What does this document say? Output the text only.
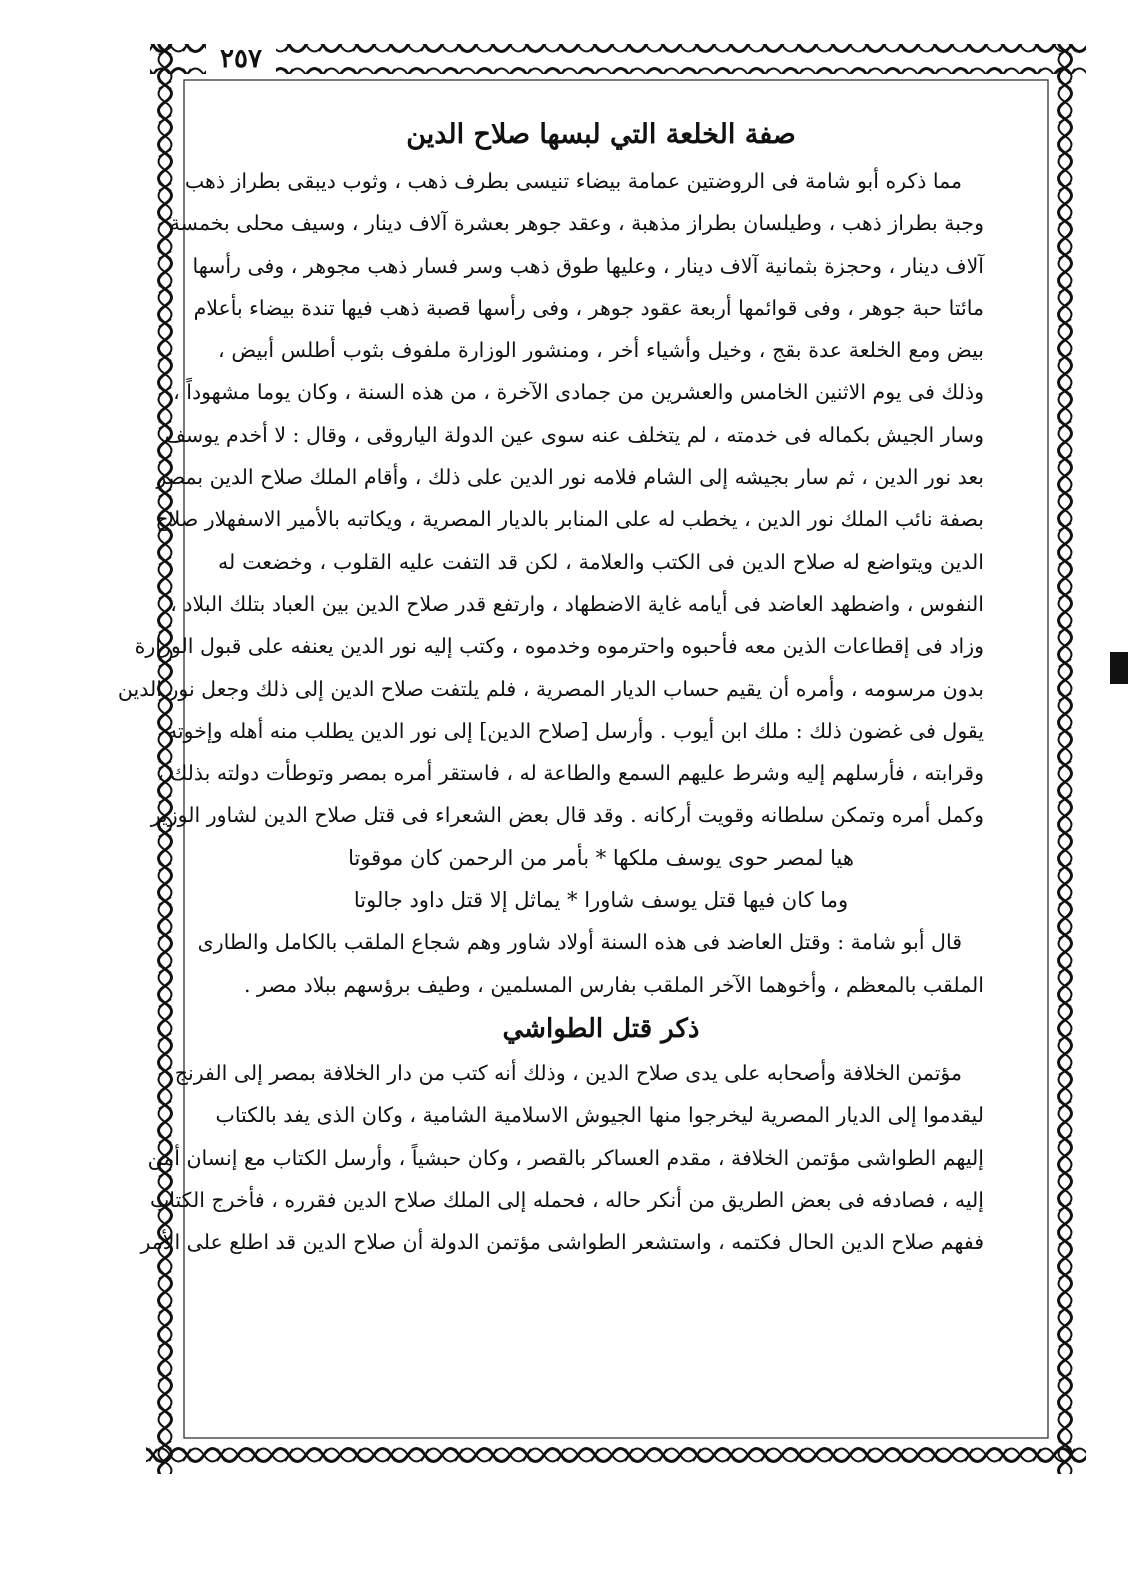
٢٥٧
صفة الخلعة التي لبسها صلاح الدين
مما ذكره أبو شامة فى الروضتين عمامة بيضاء تنيسى بطرف ذهب ، وثوب ديبقى بطراز ذهب
وجبة بطراز ذهب ، وطيلسان بطراز مذهبة ، وعقد جوهر بعشرة آلاف دينار ، وسيف محلى بخمسة
آلاف دينار ، وحجزة بثمانية آلاف دينار ، وعليها طوق ذهب وسر فسار ذهب مجوهر ، وفى رأسها
مائتا حبة جوهر ، وفى قوائمها أربعة عقود جوهر ، وفى رأسها قصبة ذهب فيها تندة بيضاء بأعلام
بيض ومع الخلعة عدة بقج ، وخيل وأشياء أخر ، ومنشور الوزارة ملفوف بثوب أطلس أبيض ،
وذلك فى يوم الاثنين الخامس والعشرين من جمادى الآخرة ، من هذه السنة ، وكان يوما مشهوداً ،
وسار الجيش بكماله فى خدمته ، لم يتخلف عنه سوى عين الدولة الياروقى ، وقال : لا أخدم يوسف
بعد نور الدين ، ثم سار بجيشه إلى الشام فلامه نور الدين على ذلك ، وأقام الملك صلاح الدين بمصر
بصفة نائب الملك نور الدين ، يخطب له على المنابر بالديار المصرية ، ويكاتبه بالأمير الاسفهلار صلاح
الدين ويتواضع له صلاح الدين فى الكتب والعلامة ، لكن قد التفت عليه القلوب ، وخضعت له
النفوس ، واضطهد العاضد فى أيامه غاية الاضطهاد ، وارتفع قدر صلاح الدين بين العباد بتلك البلاد ،
وزاد فى إقطاعات الذين معه فأحبوه واحترموه وخدموه ، وكتب إليه نور الدين يعنفه على قبول الوزارة
بدون مرسومه ، وأمره أن يقيم حساب الديار المصرية ، فلم يلتفت صلاح الدين إلى ذلك وجعل نور الدين
يقول فى غضون ذلك : ملك ابن أيوب . وأرسل [صلاح الدين] إلى نور الدين يطلب منه أهله وإخوته
وقرابته ، فأرسلهم إليه وشرط عليهم السمع والطاعة له ، فاستقر أمره بمصر وتوطأت دولته بذلك ،
وكمل أمره وتمكن سلطانه وقويت أركانه . وقد قال بعض الشعراء فى قتل صلاح الدين لشاور الوزير
هيا لمصر حوى يوسف ملكها * بأمر من الرحمن كان موقوتا
وما كان فيها قتل يوسف شاورا * يماثل إلا قتل داود جالوتا
قال أبو شامة : وقتل العاضد فى هذه السنة أولاد شاور وهم شجاع الملقب بالكامل والطارى
الملقب بالمعظم ، وأخوهما الآخر الملقب بفارس المسلمين ، وطيف برؤسهم ببلاد مصر .
ذكر قتل الطواشي
مؤتمن الخلافة وأصحابه على يدى صلاح الدين ، وذلك أنه كتب من دار الخلافة بمصر إلى الفرنج
ليقدموا إلى الديار المصرية ليخرجوا منها الجيوش الاسلامية الشامية ، وكان الذى يفد بالكتاب
إليهم الطواشى مؤتمن الخلافة ، مقدم العساكر بالقصر ، وكان حبشياً ، وأرسل الكتاب مع إنسان أمن
إليه ، فصادفه فى بعض الطريق من أنكر حاله ، فحمله إلى الملك صلاح الدين فقرره ، فأخرج الكتاب
ففهم صلاح الدين الحال فكتمه ، واستشعر الطواشى مؤتمن الدولة أن صلاح الدين قد اطلع على الأمر
